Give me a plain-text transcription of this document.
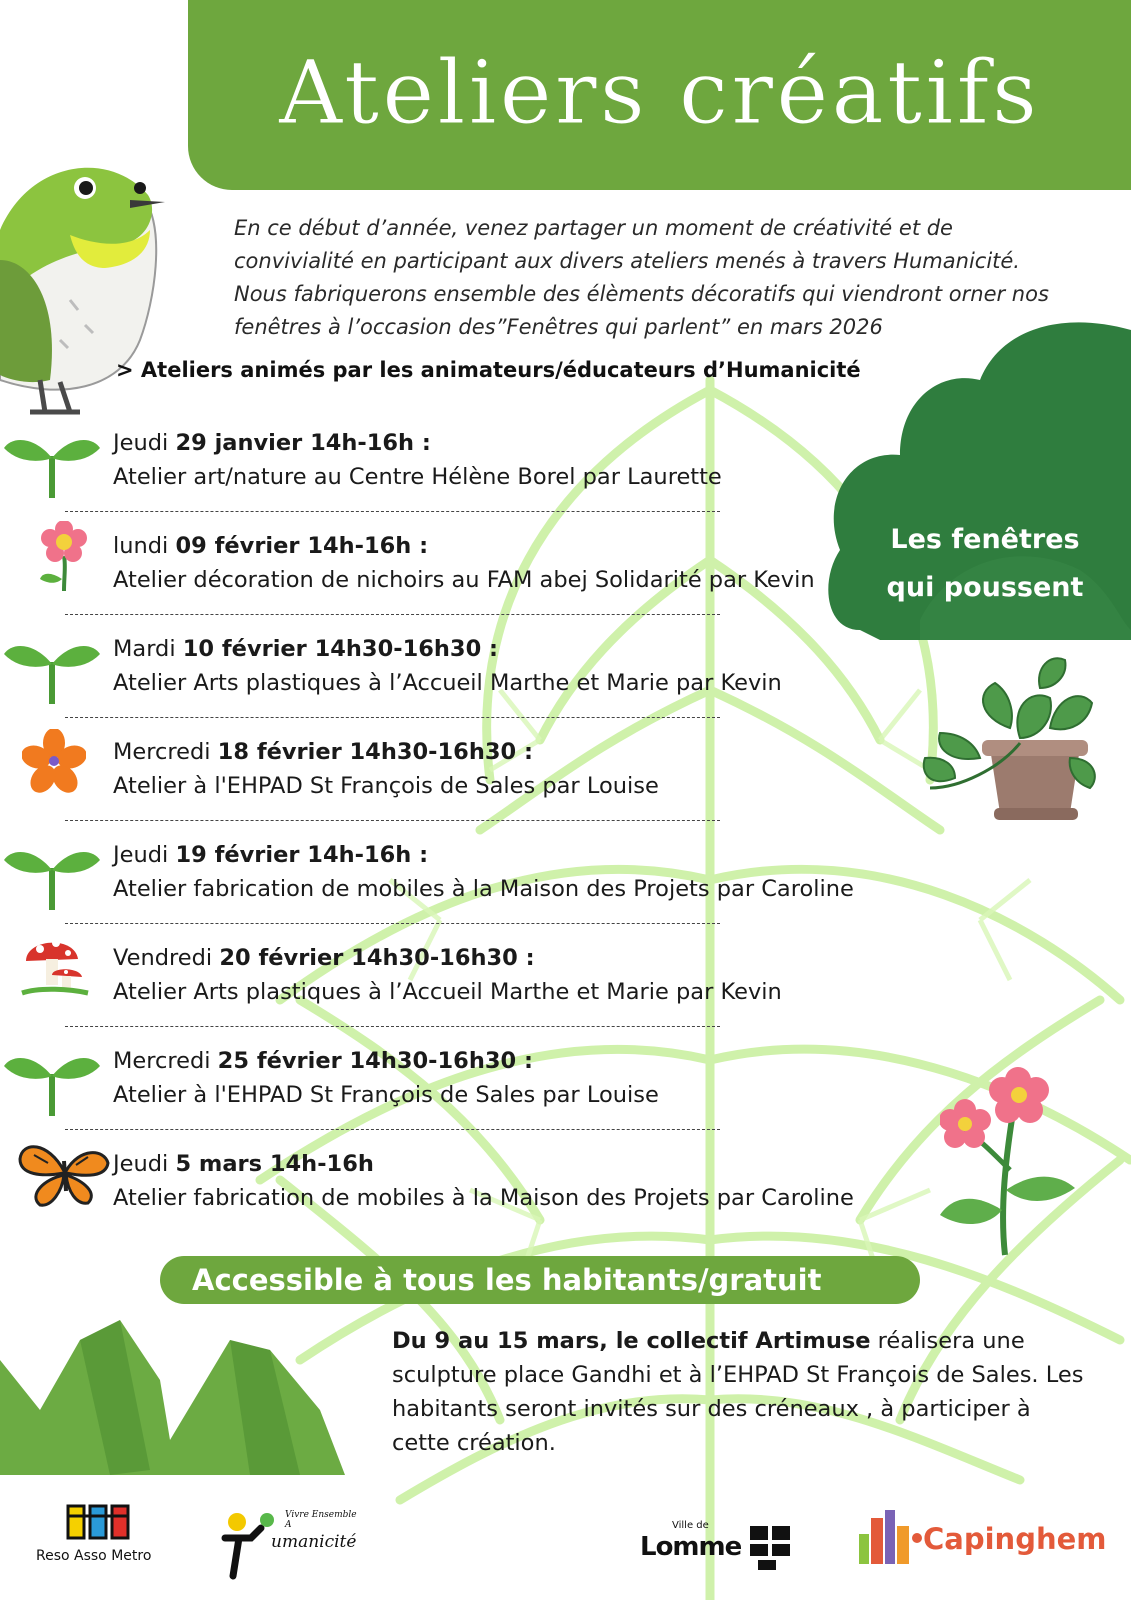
Ateliers créatifs

En ce début d’année, venez partager un moment de créativité et de

convivialité en participant aux divers ateliers menés à travers Humanicité.

Nous fabriquerons ensemble des élèments décoratifs qui viendront orner nos

fenêtres à l’occasion des”Fenêtres qui parlent” en mars 2026

> Ateliers animés par les animateurs/éducateurs d’Humanicité
Les fenêtres
qui poussent
Jeudi 29 janvier 14h-16h :
Atelier art/nature au Centre Hélène Borel par Laurette
lundi 09 février 14h-16h :
Atelier décoration de nichoirs au FAM abej Solidarité par Kevin
Mardi 10 février 14h30-16h30 :
Atelier Arts plastiques à l’Accueil Marthe et Marie par Kevin
Mercredi 18 février 14h30-16h30 :
Atelier à l'EHPAD St François de Sales par Louise
Jeudi 19 février 14h-16h :
Atelier fabrication de mobiles à la Maison des Projets par Caroline
Vendredi 20 février 14h30-16h30 :
Atelier Arts plastiques à l’Accueil Marthe et Marie par Kevin
Mercredi 25 février 14h30-16h30 :
Atelier à l'EHPAD St François de Sales par Louise
Jeudi 5 mars 14h-16h
Atelier fabrication de mobiles à la Maison des Projets par Caroline
Accessible à tous les habitants/gratuit
Du 9 au 15 mars, le collectif Artimuse réalisera une sculpture place Gandhi et à l’EHPAD St François de Sales. Les habitants seront invités sur des créneaux , à participer à cette création.
Reso Asso Metro
Vivre Ensemble A
umanicité
Ville de
Lomme	Capinghem
